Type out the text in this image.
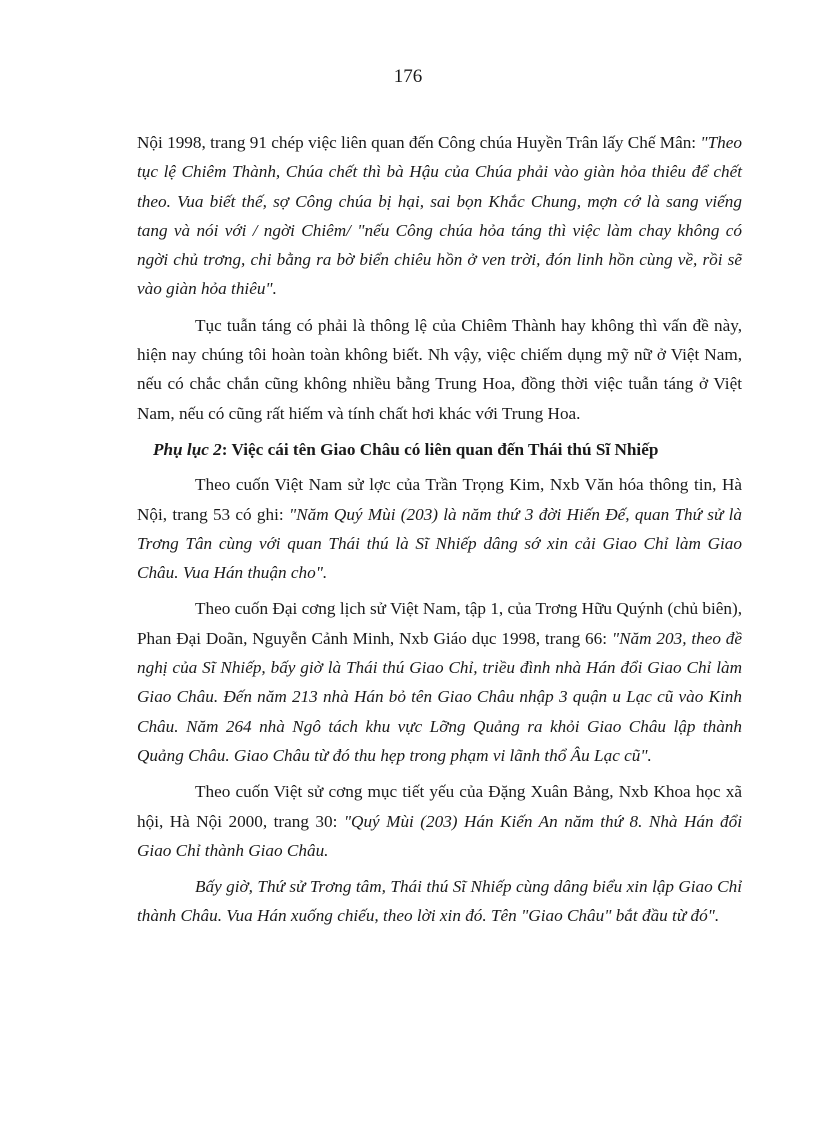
176

Nội 1998, trang 91 chép việc liên quan đến Công chúa Huyền Trân lấy Chế Mân: "Theo tục lệ Chiêm Thành, Chúa chết thì bà Hậu của Chúa phải vào giàn hỏa thiêu để chết theo. Vua biết thế, sợ Công chúa bị hại, sai bọn Khắc Chung, mợn cớ là sang viếng tang và nói với / ngời Chiêm/ "nếu Công chúa hỏa táng thì việc làm chay không có ngời chủ trơng, chi bằng ra bờ biển chiêu hồn ở ven trời, đón linh hồn cùng về, rồi sẽ vào giàn hỏa thiêu".

Tục tuẫn táng có phải là thông lệ của Chiêm Thành hay không thì vấn đề này, hiện nay chúng tôi hoàn toàn không biết. Nh vậy, việc chiếm dụng mỹ nữ ở Việt Nam, nếu có chắc chắn cũng không nhiều bằng Trung Hoa, đồng thời việc tuẫn táng ở Việt Nam, nếu có cũng rất hiếm và tính chất hơi khác với Trung Hoa.

Phụ lục 2: Việc cái tên Giao Châu có liên quan đến Thái thú Sĩ Nhiếp

Theo cuốn Việt Nam sử lợc của Trần Trọng Kim, Nxb Văn hóa thông tin, Hà Nội, trang 53 có ghi: "Năm Quý Mùi (203) là năm thứ 3 đời Hiến Đế, quan Thứ sử là Trơng Tân cùng với quan Thái thú là Sĩ Nhiếp dâng sớ xin cải Giao Chỉ làm Giao Châu. Vua Hán thuận cho".

Theo cuốn Đại cơng lịch sử Việt Nam, tập 1, của Trơng Hữu Quýnh (chủ biên), Phan Đại Doãn, Nguyễn Cảnh Minh, Nxb Giáo dục 1998, trang 66: "Năm 203, theo đề nghị của Sĩ Nhiếp, bấy giờ là Thái thú Giao Chỉ, triều đình nhà Hán đổi Giao Chỉ làm Giao Châu. Đến năm 213 nhà Hán bỏ tên Giao Châu nhập 3 quận u Lạc cũ vào Kinh Châu. Năm 264 nhà Ngô tách khu vực Lỡng Quảng ra khỏi Giao Châu lập thành Quảng Châu. Giao Châu từ đó thu hẹp trong phạm vi lãnh thổ Âu Lạc cũ".

Theo cuốn Việt sử cơng mục tiết yếu của Đặng Xuân Bảng, Nxb Khoa học xã hội, Hà Nội 2000, trang 30: "Quý Mùi (203) Hán Kiến An năm thứ 8. Nhà Hán đổi Giao Chỉ thành Giao Châu.

Bấy giờ, Thứ sử Trơng tâm, Thái thú Sĩ Nhiếp cùng dâng biểu xin lập Giao Chỉ thành Châu. Vua Hán xuống chiếu, theo lời xin đó. Tên "Giao Châu" bắt đầu từ đó".
